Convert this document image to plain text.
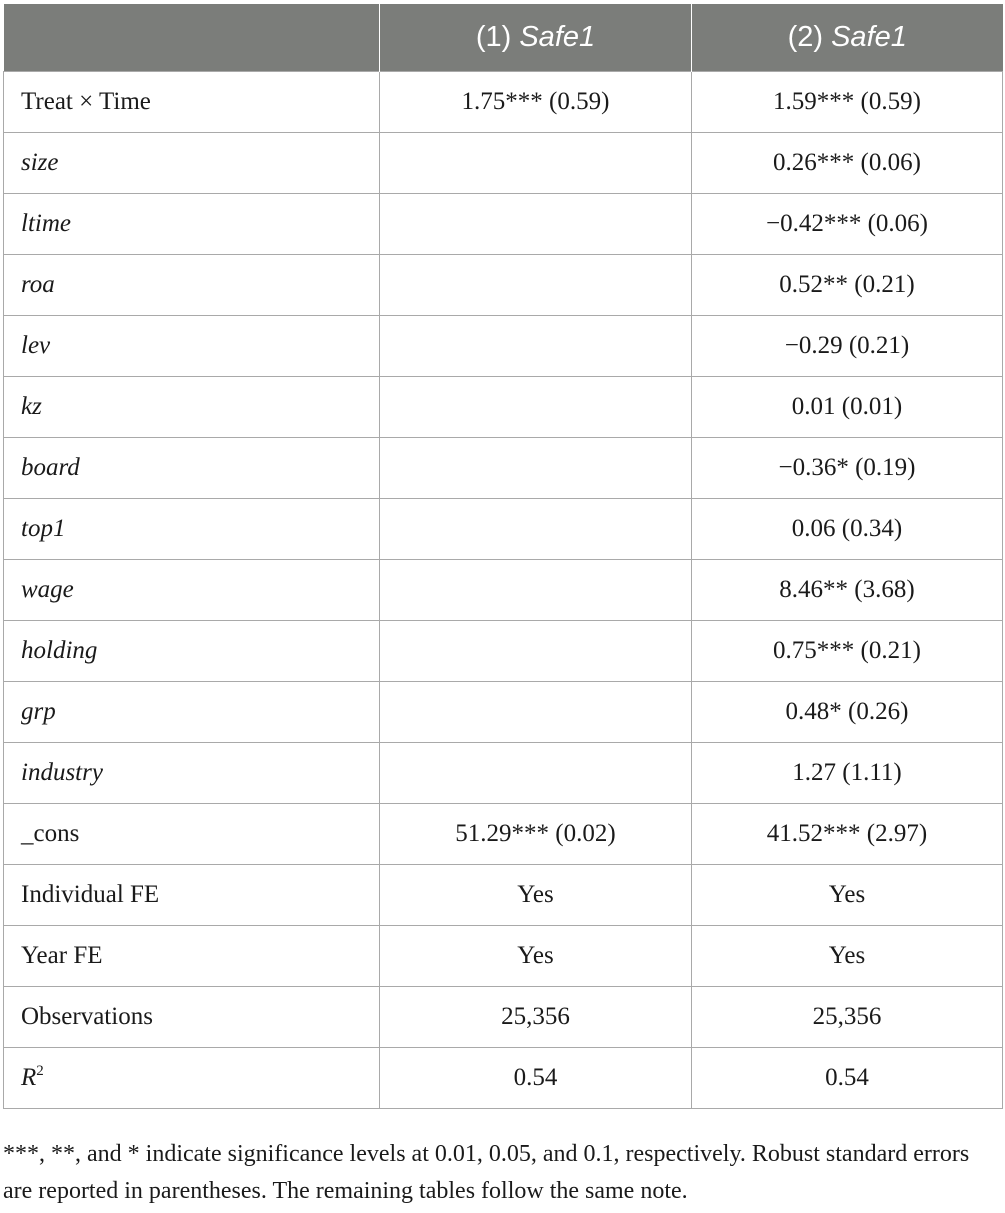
	(1) Safe1	(2) Safe1
Treat × Time	1.75*** (0.59)	1.59*** (0.59)
size		0.26*** (0.06)
ltime		−0.42*** (0.06)
roa		0.52** (0.21)
lev		−0.29 (0.21)
kz		0.01 (0.01)
board		−0.36* (0.19)
top1		0.06 (0.34)
wage		8.46** (3.68)
holding		0.75*** (0.21)
grp		0.48* (0.26)
industry		1.27 (1.11)
_cons	51.29*** (0.02)	41.52*** (2.97)
Individual FE	Yes	Yes
Year FE	Yes	Yes
Observations	25,356	25,356
$R^2$	0.54	0.54
***, **, and * indicate significance levels at 0.01, 0.05, and 0.1, respectively. Robust standard errors are reported in parentheses. The remaining tables follow the same note.
